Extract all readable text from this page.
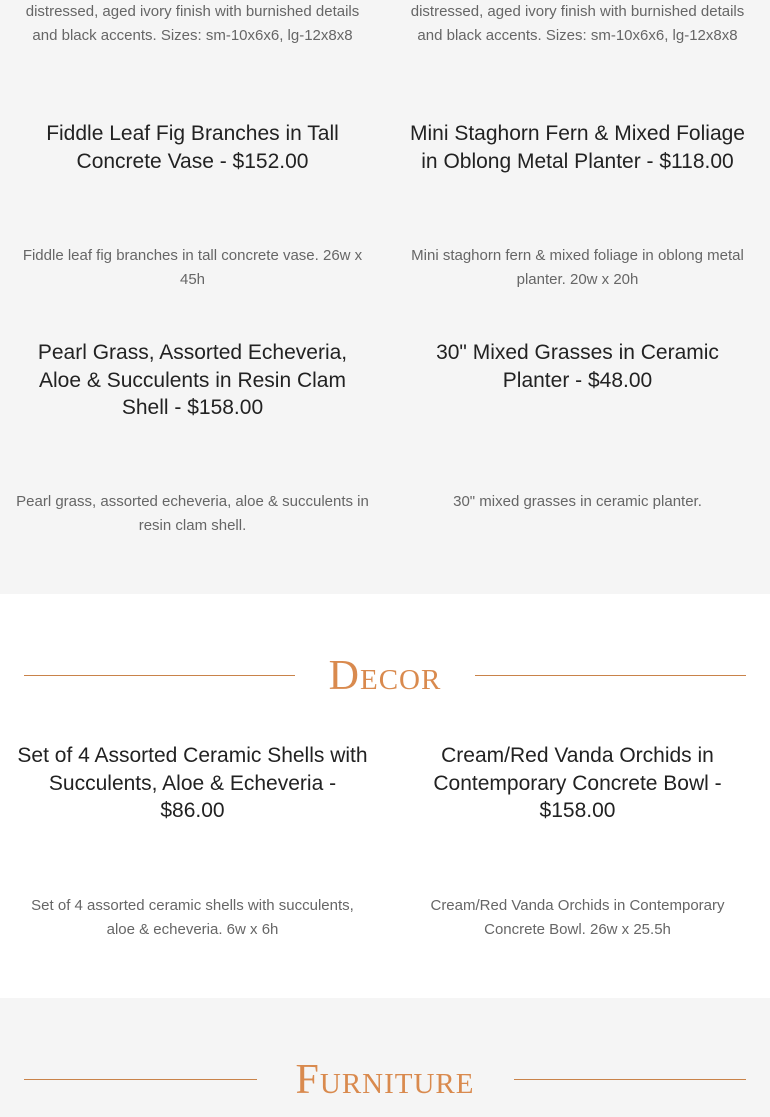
distressed, aged ivory finish with burnished details and black accents. Sizes: sm-10x6x6, lg-12x8x8

distressed, aged ivory finish with burnished details and black accents. Sizes: sm-10x6x6, lg-12x8x8

Fiddle Leaf Fig Branches in Tall Concrete Vase - $152.00
Mini Staghorn Fern & Mixed Foliage in Oblong Metal Planter - $118.00

Fiddle leaf fig branches in tall concrete vase. 26w x 45h

Mini staghorn fern & mixed foliage in oblong metal planter. 20w x 20h

Pearl Grass, Assorted Echeveria, Aloe & Succulents in Resin Clam Shell - $158.00
30" Mixed Grasses in Ceramic Planter - $48.00

Pearl grass, assorted echeveria, aloe & succulents in resin clam shell.

30" mixed grasses in ceramic planter.

Decor
Set of 4 Assorted Ceramic Shells with Succulents, Aloe & Echeveria - $86.00
Cream/Red Vanda Orchids in Contemporary Concrete Bowl - $158.00

Set of 4 assorted ceramic shells with succulents, aloe & echeveria. 6w x 6h

Cream/Red Vanda Orchids in Contemporary Concrete Bowl. 26w x 25.5h

Furniture
